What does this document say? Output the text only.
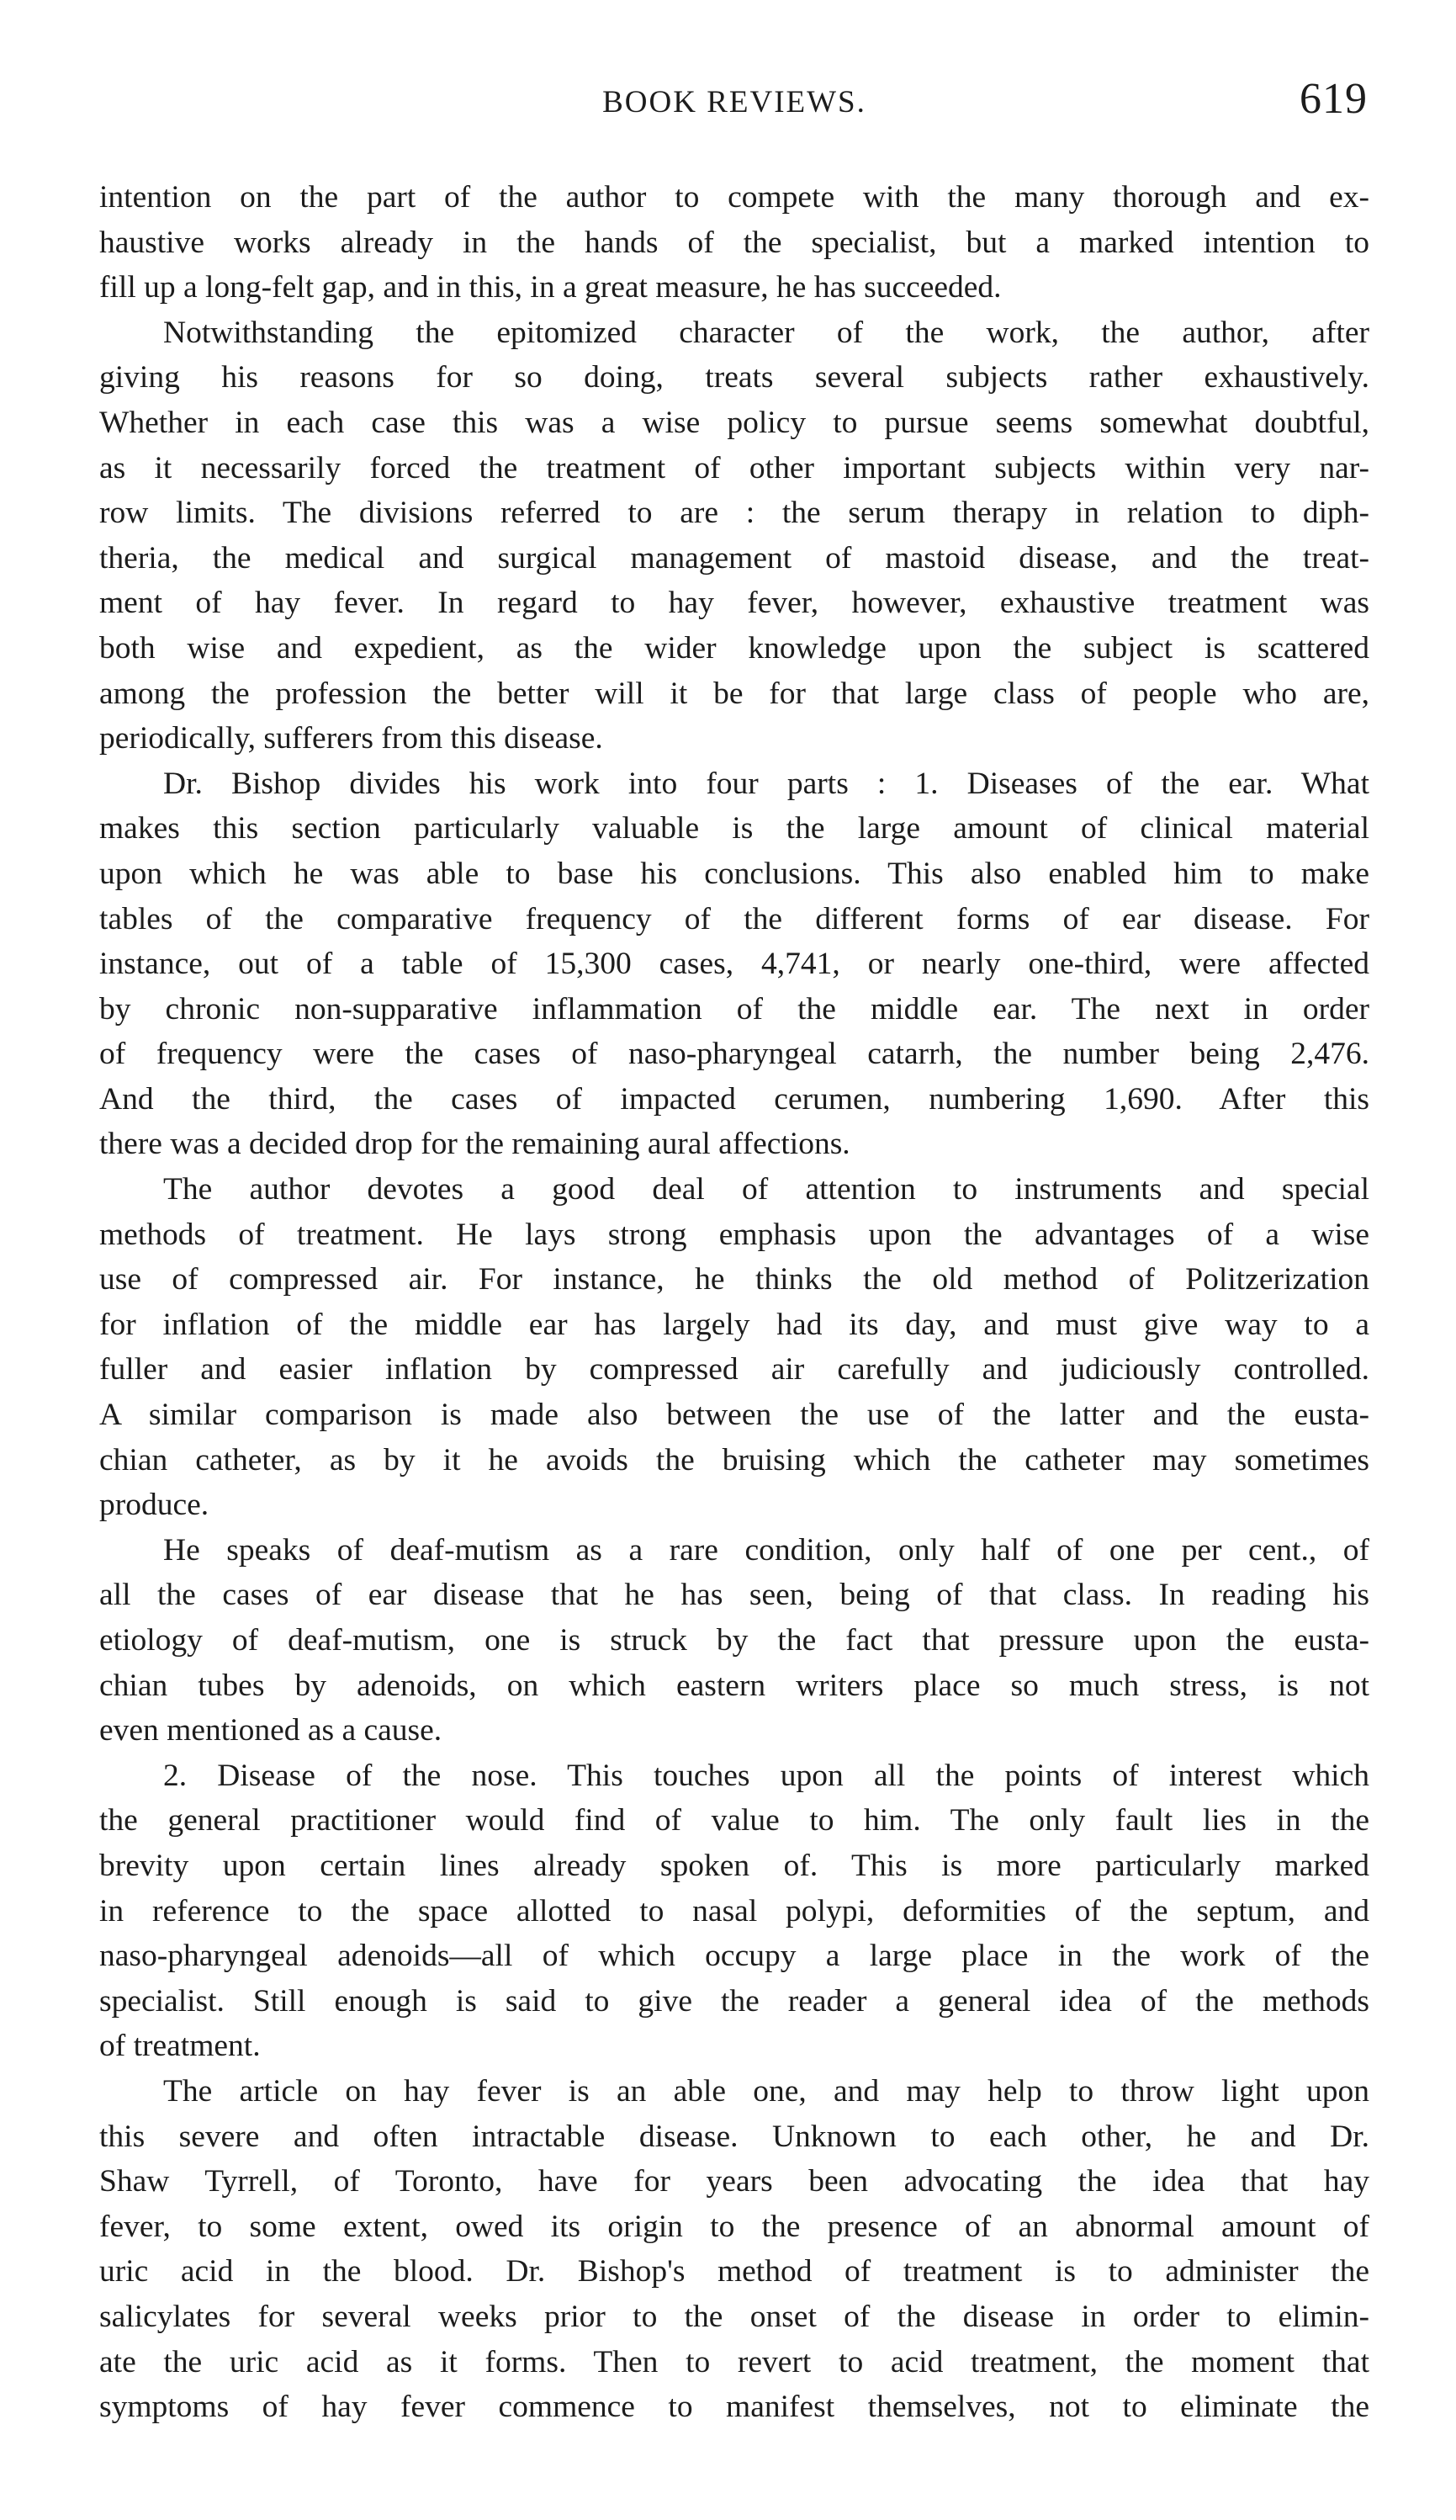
BOOK REVIEWS.	619

intention on the part of the author to compete with the many thorough and ex-
haustive works already in the hands of the specialist, but a marked intention to
fill up a long-felt gap, and in this, in a great measure, he has succeeded.

Notwithstanding the epitomized character of the work, the author, after
giving his reasons for so doing, treats several subjects rather exhaustively.
Whether in each case this was a wise policy to pursue seems somewhat doubtful,
as it necessarily forced the treatment of other important subjects within very nar-
row limits. The divisions referred to are : the serum therapy in relation to diph-
theria, the medical and surgical management of mastoid disease, and the treat-
ment of hay fever. In regard to hay fever, however, exhaustive treatment was
both wise and expedient, as the wider knowledge upon the subject is scattered
among the profession the better will it be for that large class of people who are,
periodically, sufferers from this disease.

Dr. Bishop divides his work into four parts : 1. Diseases of the ear. What
makes this section particularly valuable is the large amount of clinical material
upon which he was able to base his conclusions. This also enabled him to make
tables of the comparative frequency of the different forms of ear disease. For
instance, out of a table of 15,300 cases, 4,741, or nearly one-third, were affected
by chronic non-supparative inflammation of the middle ear. The next in order
of frequency were the cases of naso-pharyngeal catarrh, the number being 2,476.
And the third, the cases of impacted cerumen, numbering 1,690. After this
there was a decided drop for the remaining aural affections.

The author devotes a good deal of attention to instruments and special
methods of treatment. He lays strong emphasis upon the advantages of a wise
use of compressed air. For instance, he thinks the old method of Politzerization
for inflation of the middle ear has largely had its day, and must give way to a
fuller and easier inflation by compressed air carefully and judiciously controlled.
A similar comparison is made also between the use of the latter and the eusta-
chian catheter, as by it he avoids the bruising which the catheter may sometimes
produce.

He speaks of deaf-mutism as a rare condition, only half of one per cent., of
all the cases of ear disease that he has seen, being of that class. In reading his
etiology of deaf-mutism, one is struck by the fact that pressure upon the eusta-
chian tubes by adenoids, on which eastern writers place so much stress, is not
even mentioned as a cause.

2. Disease of the nose. This touches upon all the points of interest which
the general practitioner would find of value to him. The only fault lies in the
brevity upon certain lines already spoken of. This is more particularly marked
in reference to the space allotted to nasal polypi, deformities of the septum, and
naso-pharyngeal adenoids—all of which occupy a large place in the work of the
specialist. Still enough is said to give the reader a general idea of the methods
of treatment.

The article on hay fever is an able one, and may help to throw light upon
this severe and often intractable disease. Unknown to each other, he and Dr.
Shaw Tyrrell, of Toronto, have for years been advocating the idea that hay
fever, to some extent, owed its origin to the presence of an abnormal amount of
uric acid in the blood. Dr. Bishop's method of treatment is to administer the
salicylates for several weeks prior to the onset of the disease in order to elimin-
ate the uric acid as it forms. Then to revert to acid treatment, the moment that
symptoms of hay fever commence to manifest themselves, not to eliminate the
